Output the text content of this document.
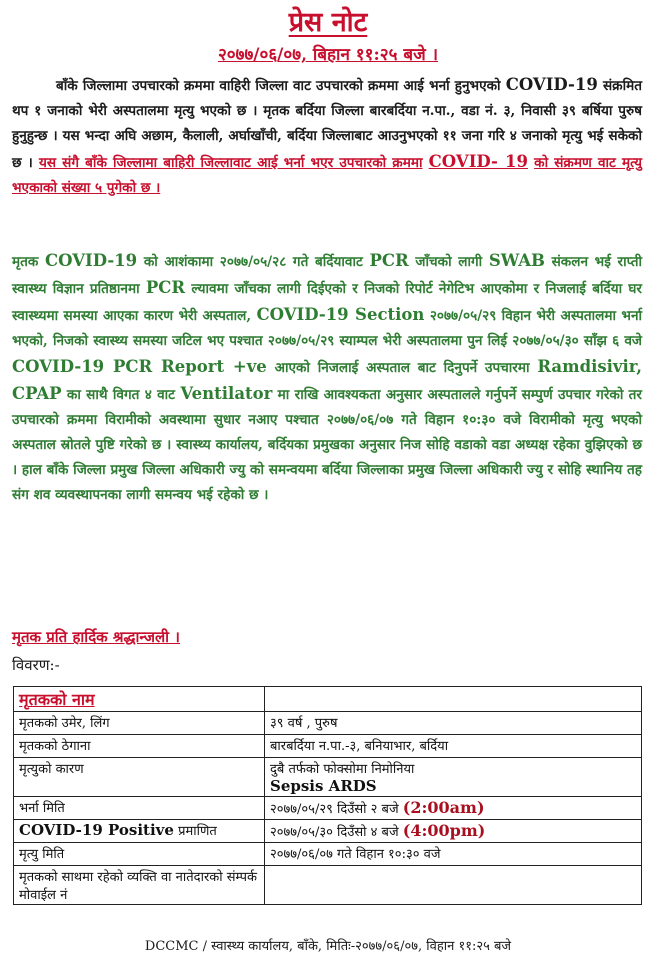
प्रेस नोट
२०७७/०६/०७, बिहान ११:२५ बजे ।
बाँके जिल्लामा उपचारको क्रममा वाहिरी जिल्ला वाट उपचारको क्रममा आई भर्ना हुनुभएको COVID-19 संक्रमित थप १ जनाको भेरी अस्पतालमा मृत्यु भएको छ । मृतक बर्दिया जिल्ला बारबर्दिया न.पा., वडा नं. ३, निवासी ३९ बर्षिया पुरुष हुनुहुन्छ । यस भन्दा अघि अछाम, कैलाली, अर्घाखाँची, बर्दिया जिल्लाबाट आउनुभएको ११ जना गरि ४ जनाको मृत्यु भई सकेको छ । यस संगै बाँके जिल्लामा बाहिरी जिल्लावाट आई भर्ना भएर उपचारको क्रममा COVID- 19 को संक्रमण वाट मृत्यु भएकाको संख्या ५ पुगेको छ ।
मृतक COVID-19 को आशंकामा २०७७/०५/२८ गते बर्दियावाट PCR जाँचको लागी SWAB संकलन भई राप्ती स्वास्थ्य विज्ञान प्रतिष्ठानमा PCR ल्यावमा जाँचका लागी दिईएको र निजको रिपोर्ट नेगेटिभ आएकोमा र निजलाई बर्दिया घर स्वास्थ्यमा समस्या आएका कारण भेरी अस्पताल, COVID-19 Section २०७७/०५/२९ विहान भेरी अस्पतालमा भर्ना भएको, निजको स्वास्थ्य समस्या जटिल भए पश्चात २०७७/०५/२९ स्याम्पल भेरी अस्पतालमा पुन लिई २०७७/०५/३० साँझ ६ वजे COVID-19 PCR Report +ve आएको निजलाई अस्पताल बाट दिनुपर्ने उपचारमा Ramdisivir, CPAP का साथै विगत ४ वाट Ventilator मा राखि आवश्यकता अनुसार अस्पतालले गर्नुपर्ने सम्पुर्ण उपचार गरेको तर उपचारको क्रममा विरामीको अवस्थामा सुधार नआए पश्चात २०७७/०६/०७ गते विहान १०:३० वजे विरामीको मृत्यु भएको अस्पताल स्रोतले पुष्टि गरेको छ । स्वास्थ्य कार्यालय, बर्दियका प्रमुखका अनुसार निज सोहि वडाको वडा अध्यक्ष रहेका वुझिएको छ । हाल बाँके जिल्ला प्रमुख जिल्ला अधिकारी ज्यु को समन्वयमा बर्दिया जिल्लाका प्रमुख जिल्ला अधिकारी ज्यु र सोहि स्थानिय तह संग शव व्यवस्थापनका लागी समन्वय भई रहेको छ ।
मृतक प्रति हार्दिक श्रद्धान्जली ।
विवरण:-
मृतकको नाम	
मृतकको उमेर, लिंग	३९ वर्ष , पुरुष
मृतकको ठेगाना	बारबर्दिया न.पा.-३, बनियाभार, बर्दिया
मृत्युको कारण	दुबै तर्फको फोक्सोमा निमोनिया
Sepsis ARDS

भर्ना मिति	२०७७/०५/२९ दिउँसो २ बजे (2:00am)
COVID-19 Positive प्रमाणित	२०७७/०५/३० दिउँसो ४ बजे (4:00pm)
मृत्यु मिति	२०७७/०६/०७ गते विहान १०:३० वजे
मृतकको साथमा रहेको व्यक्ति वा नातेदारको संम्पर्क मोवाईल नं	
DCCMC / स्वास्थ्य कार्यालय, बाँके, मितिः-२०७७/०६/०७, विहान ११:२५ बजे
